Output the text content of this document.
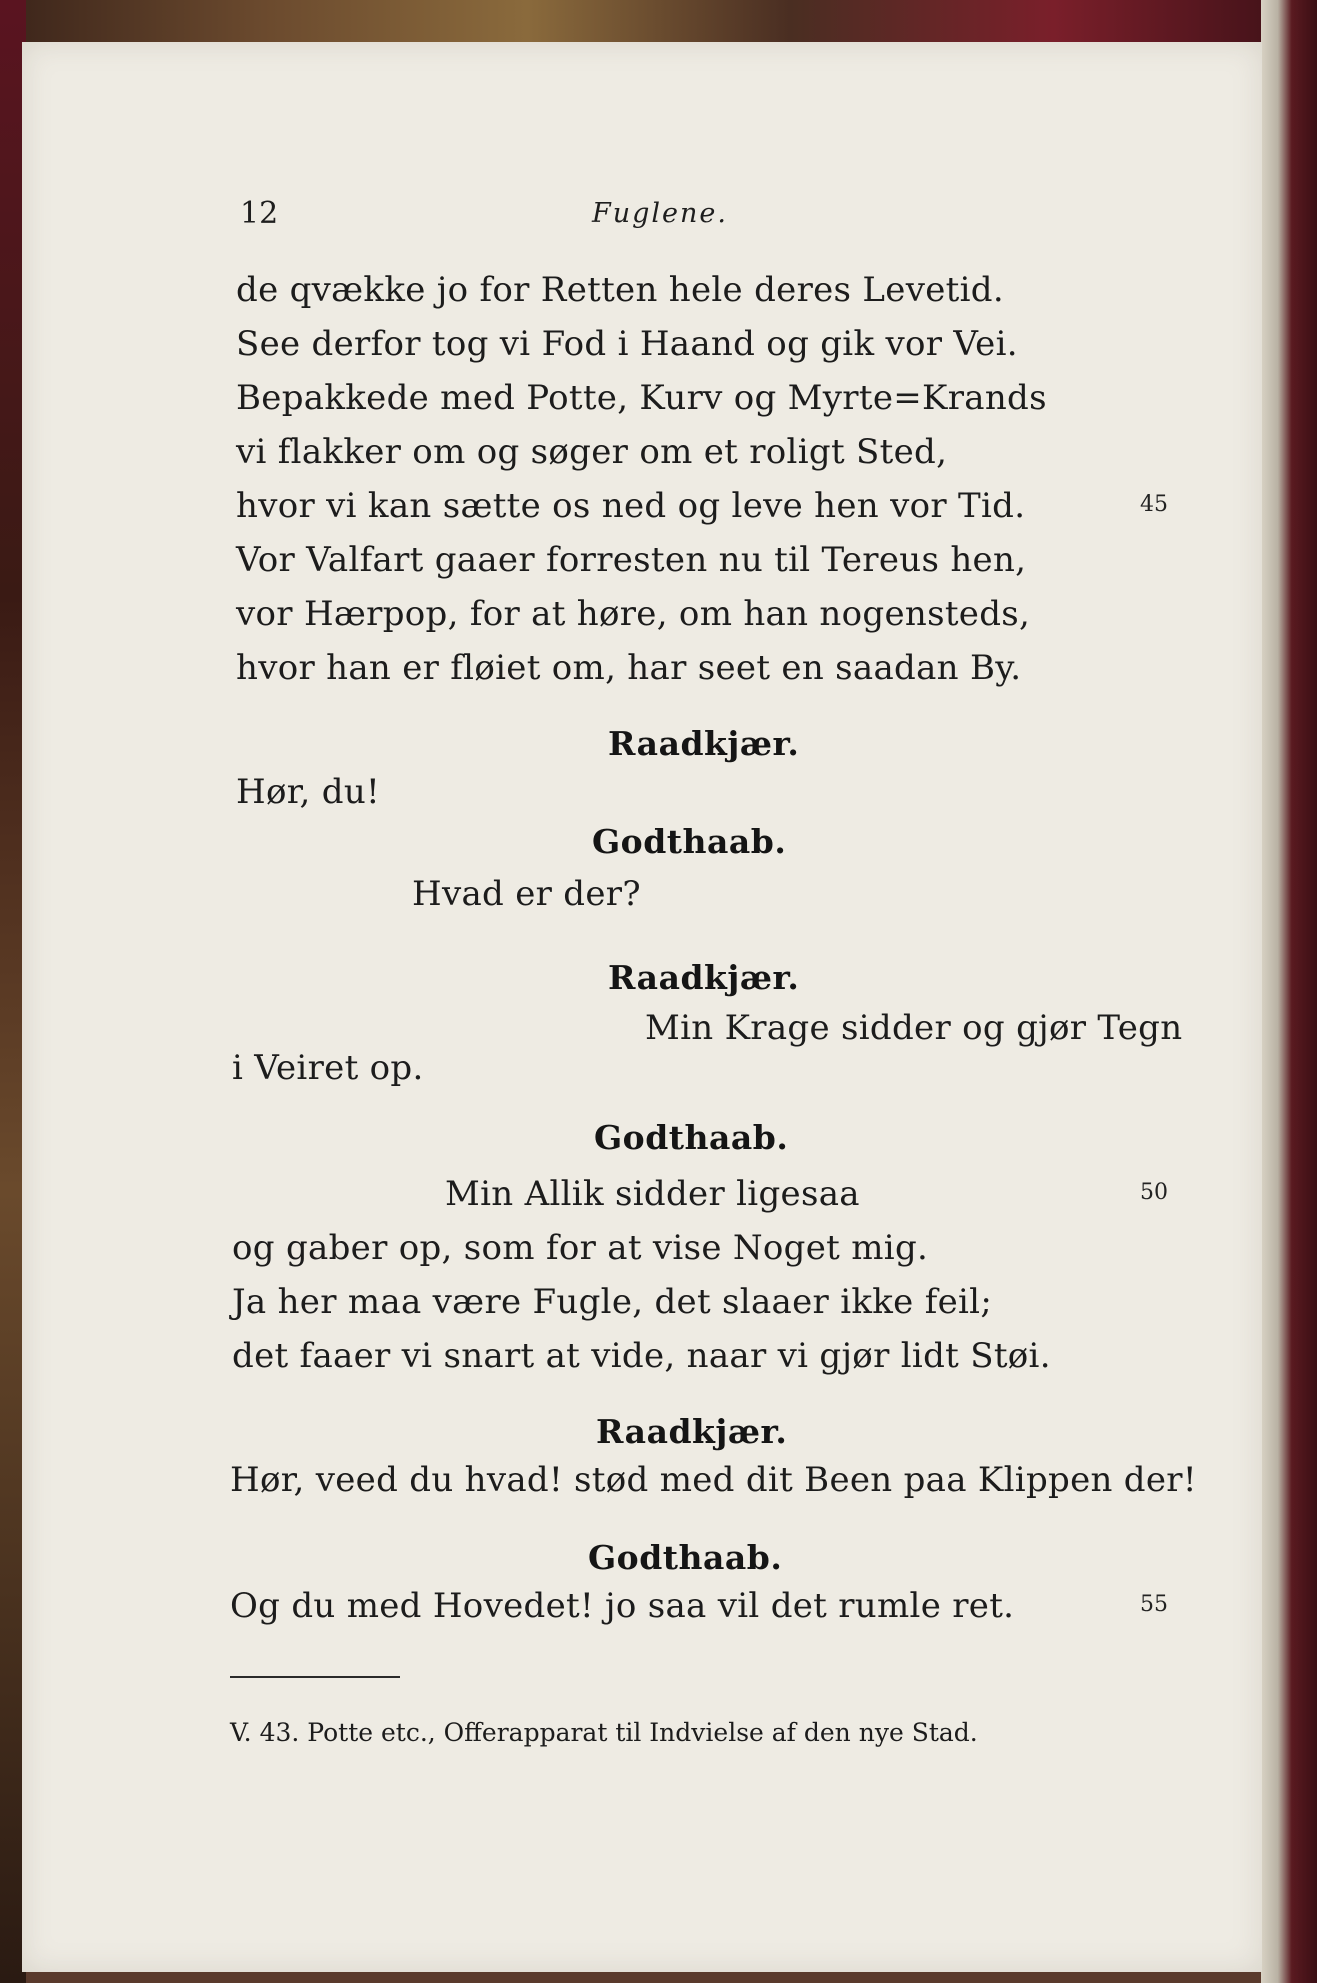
12	Fuglene.
de qvække jo for Retten hele deres Levetid.
See derfor tog vi Fod i Haand og gik vor Vei.
Bepakkede med Potte, Kurv og Myrte=Krands
vi flakker om og søger om et roligt Sted,
hvor vi kan sætte os ned og leve hen vor Tid.	45
Vor Valfart gaaer forresten nu til Tereus hen,
vor Hærpop, for at høre, om han nogensteds,
hvor han er fløiet om, har seet en saadan By.
Raadkjær.
Hør, du!
Godthaab.
Hvad er der?
Raadkjær.
Min Krage sidder og gjør Tegn
i Veiret op.
Godthaab.
Min Allik sidder ligesaa	50
og gaber op, som for at vise Noget mig.
Ja her maa være Fugle, det slaaer ikke feil;
det faaer vi snart at vide, naar vi gjør lidt Støi.
Raadkjær.
Hør, veed du hvad! stød med dit Been paa Klippen der!
Godthaab.
Og du med Hovedet! jo saa vil det rumle ret.	55
V. 43. Potte etc., Offerapparat til Indvielse af den nye Stad.
